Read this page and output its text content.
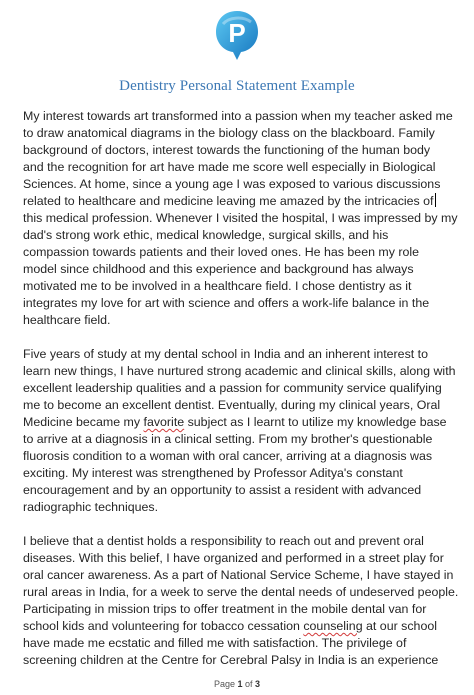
P
Dentistry Personal Statement Example
My interest towards art transformed into a passion when my teacher asked me
to draw anatomical diagrams in the biology class on the blackboard. Family
background of doctors, interest towards the functioning of the human body
and the recognition for art have made me score well especially in Biological
Sciences. At home, since a young age I was exposed to various discussions
related to healthcare and medicine leaving me amazed by the intricacies of
this medical profession. Whenever I visited the hospital, I was impressed by my
dad's strong work ethic, medical knowledge, surgical skills, and his
compassion towards patients and their loved ones. He has been my role
model since childhood and this experience and background has always
motivated me to be involved in a healthcare field. I chose dentistry as it
integrates my love for art with science and offers a work-life balance in the
healthcare field.
Five years of study at my dental school in India and an inherent interest to
learn new things, I have nurtured strong academic and clinical skills, along with
excellent leadership qualities and a passion for community service qualifying
me to become an excellent dentist. Eventually, during my clinical years, Oral
Medicine became my favorite subject as I learnt to utilize my knowledge base
to arrive at a diagnosis in a clinical setting. From my brother's questionable
fluorosis condition to a woman with oral cancer, arriving at a diagnosis was
exciting. My interest was strengthened by Professor Aditya's constant
encouragement and by an opportunity to assist a resident with advanced
radiographic techniques.
I believe that a dentist holds a responsibility to reach out and prevent oral
diseases. With this belief, I have organized and performed in a street play for
oral cancer awareness. As a part of National Service Scheme, I have stayed in
rural areas in India, for a week to serve the dental needs of undeserved people.
Participating in mission trips to offer treatment in the mobile dental van for
school kids and volunteering for tobacco cessation counseling at our school
have made me ecstatic and filled me with satisfaction. The privilege of
screening children at the Centre for Cerebral Palsy in India is an experience
Page 1 of 3
